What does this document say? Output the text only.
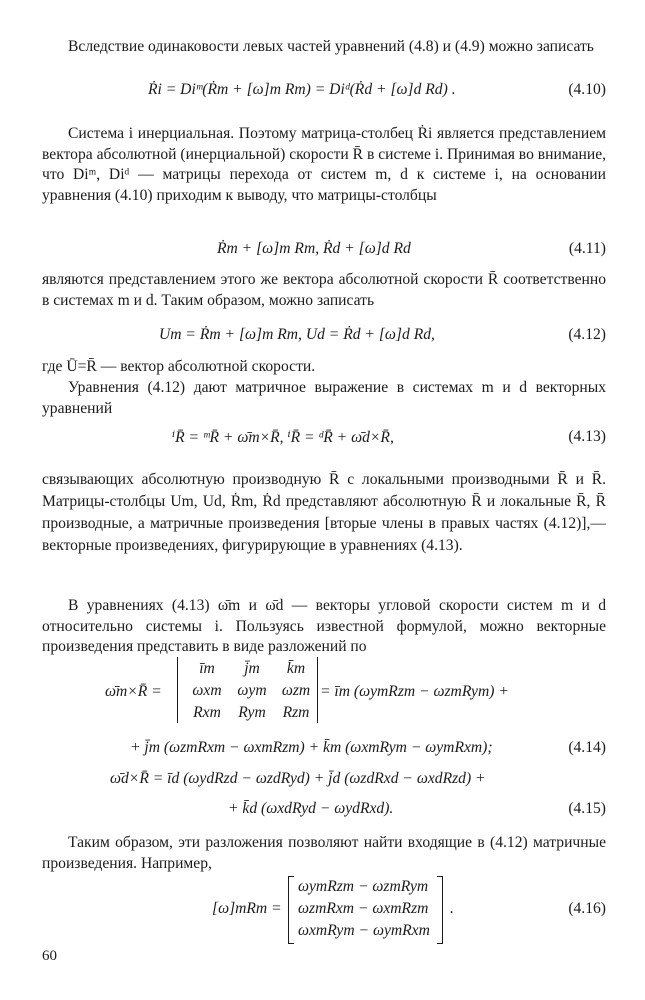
Вследствие одинаковости левых частей уравнений (4.8) и (4.9) можно записать

Ṙi = Diᵐ(Ṙm + [ω]m Rm) = Diᵈ(Ṙd + [ω]d Rd) .	(4.10)

Система i инерциальная. Поэтому матрица-столбец Ṙi является представлением вектора абсолютной (инерциальной) скорости R̄ в системе i. Принимая во внимание, что Diᵐ, Diᵈ — матрицы перехода от систем m, d к системе i, на основании уравнения (4.10) приходим к выводу, что матрицы-столбцы

Ṙm + [ω]m Rm, Ṙd + [ω]d Rd	(4.11)

являются представлением этого же вектора абсолютной скорости R̄ соответственно в системах m и d. Таким образом, можно записать

Um = Ṙm + [ω]m Rm, Ud = Ṙd + [ω]d Rd,	(4.12)

где Ū=R̄ — вектор абсолютной скорости.

Уравнения (4.12) дают матричное выражение в системах m и d векторных уравнений

ⁱR̄ = ᵐR̄ + ω̄m×R̄, ⁱR̄ = ᵈR̄ + ω̄d×R̄,	(4.13)

связывающих абсолютную производную R̄ с локальными производными R̄ и R̄. Матрицы-столбцы Um, Ud, Ṙm, Ṙd представляют абсолютную R̄ и локальные R̄, R̄ производные, а матричные произведения [вторые члены в правых частях (4.12)],— векторные произведениях, фигурирующие в уравнениях (4.13).

В уравнениях (4.13) ω̄m и ω̄d — векторы угловой скорости систем m и d относительно системы i. Пользуясь известной формулой, можно векторные произведения представить в виде разложений по

ω̄m×R̄ =
īm j̄m k̄m
ωxm ωym ωzm
Rxm Rym Rzm
= īm (ωymRzm − ωzmRym) +
+ j̄m (ωzmRxm − ωxmRzm) + k̄m (ωxmRym − ωymRxm);	(4.14)
ω̄d×R̄ = īd (ωydRzd − ωzdRyd) + j̄d (ωzdRxd − ωxdRzd) +
+ k̄d (ωxdRyd − ωydRxd).	(4.15)

Таким образом, эти разложения позволяют найти входящие в (4.12) матричные произведения. Например,

[ω]mRm =
ωymRzm − ωzmRym
ωzmRxm − ωxmRzm
ωxmRym − ωymRxm
.	(4.16)
60
